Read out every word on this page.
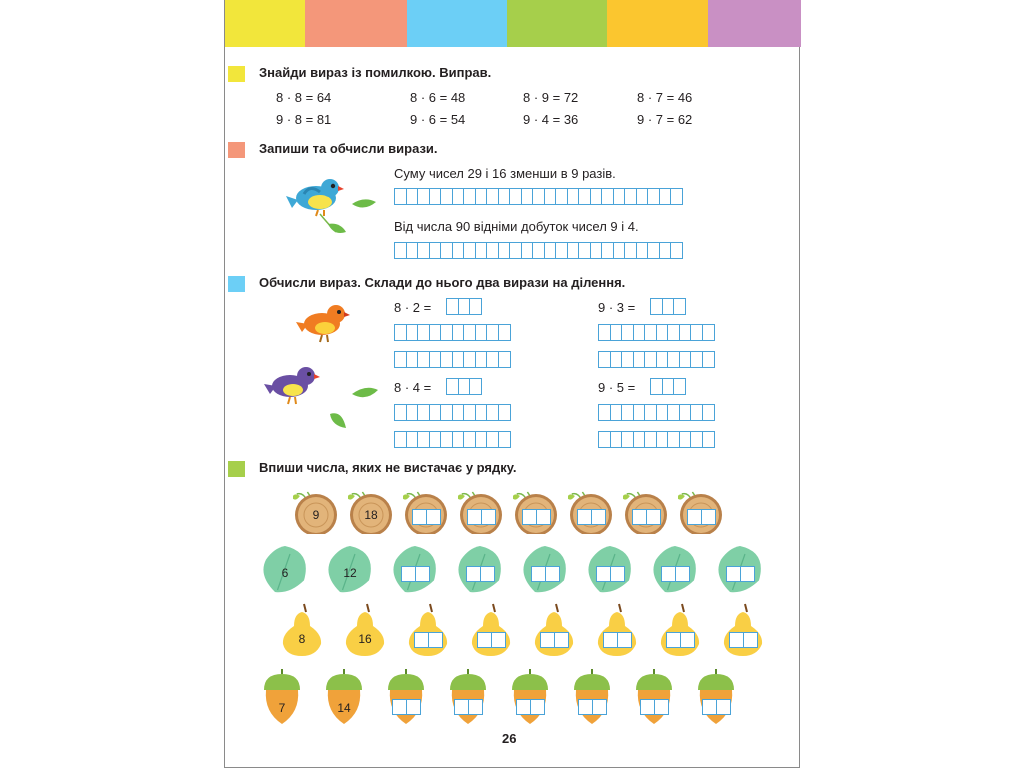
Знайди вираз із помилкою. Виправ.
8 · 8 = 64	8 · 6 = 48	8 · 9 = 72	8 · 7 = 46
9 · 8 = 81	9 · 6 = 54	9 · 4 = 36	9 · 7 = 62
Запиши та обчисли вирази.
Суму чисел 29 і 16 зменши в 9 разів.
Від числа 90 відніми добуток чисел 9 і 4.
Обчисли вираз. Склади до нього два вирази на ділення.
8 · 2 =	9 · 3 =
8 · 4 =	9 · 5 =
Впиши числа, яких не вистачає у рядку.
9	18
6	12
8	16
7	14
26
